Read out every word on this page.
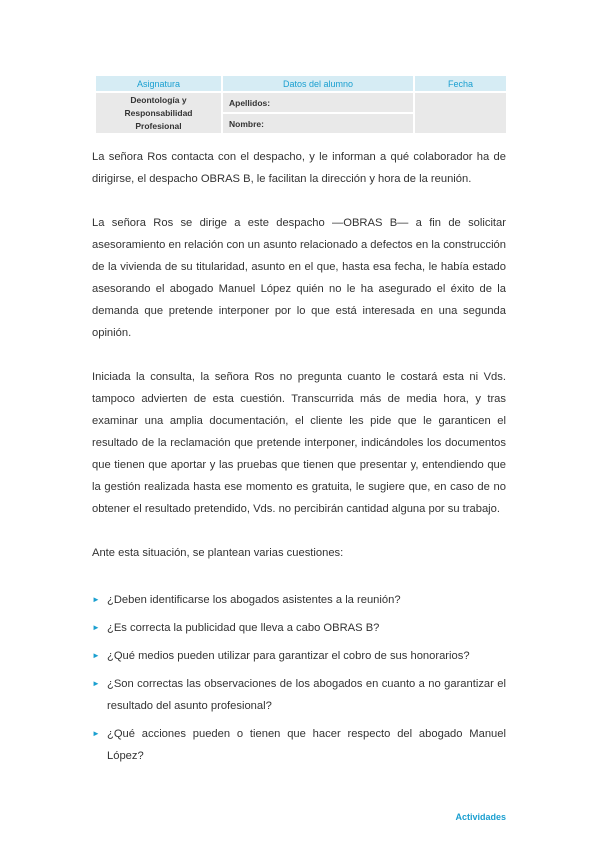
Asignatura	Datos del alumno	Fecha

Deontología y
Responsabilidad
Profesional	Apellidos:	
	Nombre:	

La señora Ros contacta con el despacho, y le informan a qué colaborador ha de dirigirse, el despacho OBRAS B, le facilitan la dirección y hora de la reunión.

La señora Ros se dirige a este despacho —OBRAS B— a fin de solicitar asesoramiento en relación con un asunto relacionado a defectos en la construcción de la vivienda de su titularidad, asunto en el que, hasta esa fecha, le había estado asesorando el abogado Manuel López quién no le ha asegurado el éxito de la demanda que pretende interponer por lo que está interesada en una segunda opinión.

Iniciada la consulta, la señora Ros no pregunta cuanto le costará esta ni Vds. tampoco advierten de esta cuestión. Transcurrida más de media hora, y tras examinar una amplia documentación, el cliente les pide que le garanticen el resultado de la reclamación que pretende interponer, indicándoles los documentos que tienen que aportar y las pruebas que tienen que presentar y, entendiendo que la gestión realizada hasta ese momento es gratuita, le sugiere que, en caso de no obtener el resultado pretendido, Vds. no percibirán cantidad alguna por su trabajo.

Ante esta situación, se plantean varias cuestiones:

► ¿Deben identificarse los abogados asistentes a la reunión?
► ¿Es correcta la publicidad que lleva a cabo OBRAS B?
► ¿Qué medios pueden utilizar para garantizar el cobro de sus honorarios?
► ¿Son correctas las observaciones de los abogados en cuanto a no garantizar el resultado del asunto profesional?
► ¿Qué acciones pueden o tienen que hacer respecto del abogado Manuel López?
Actividades
